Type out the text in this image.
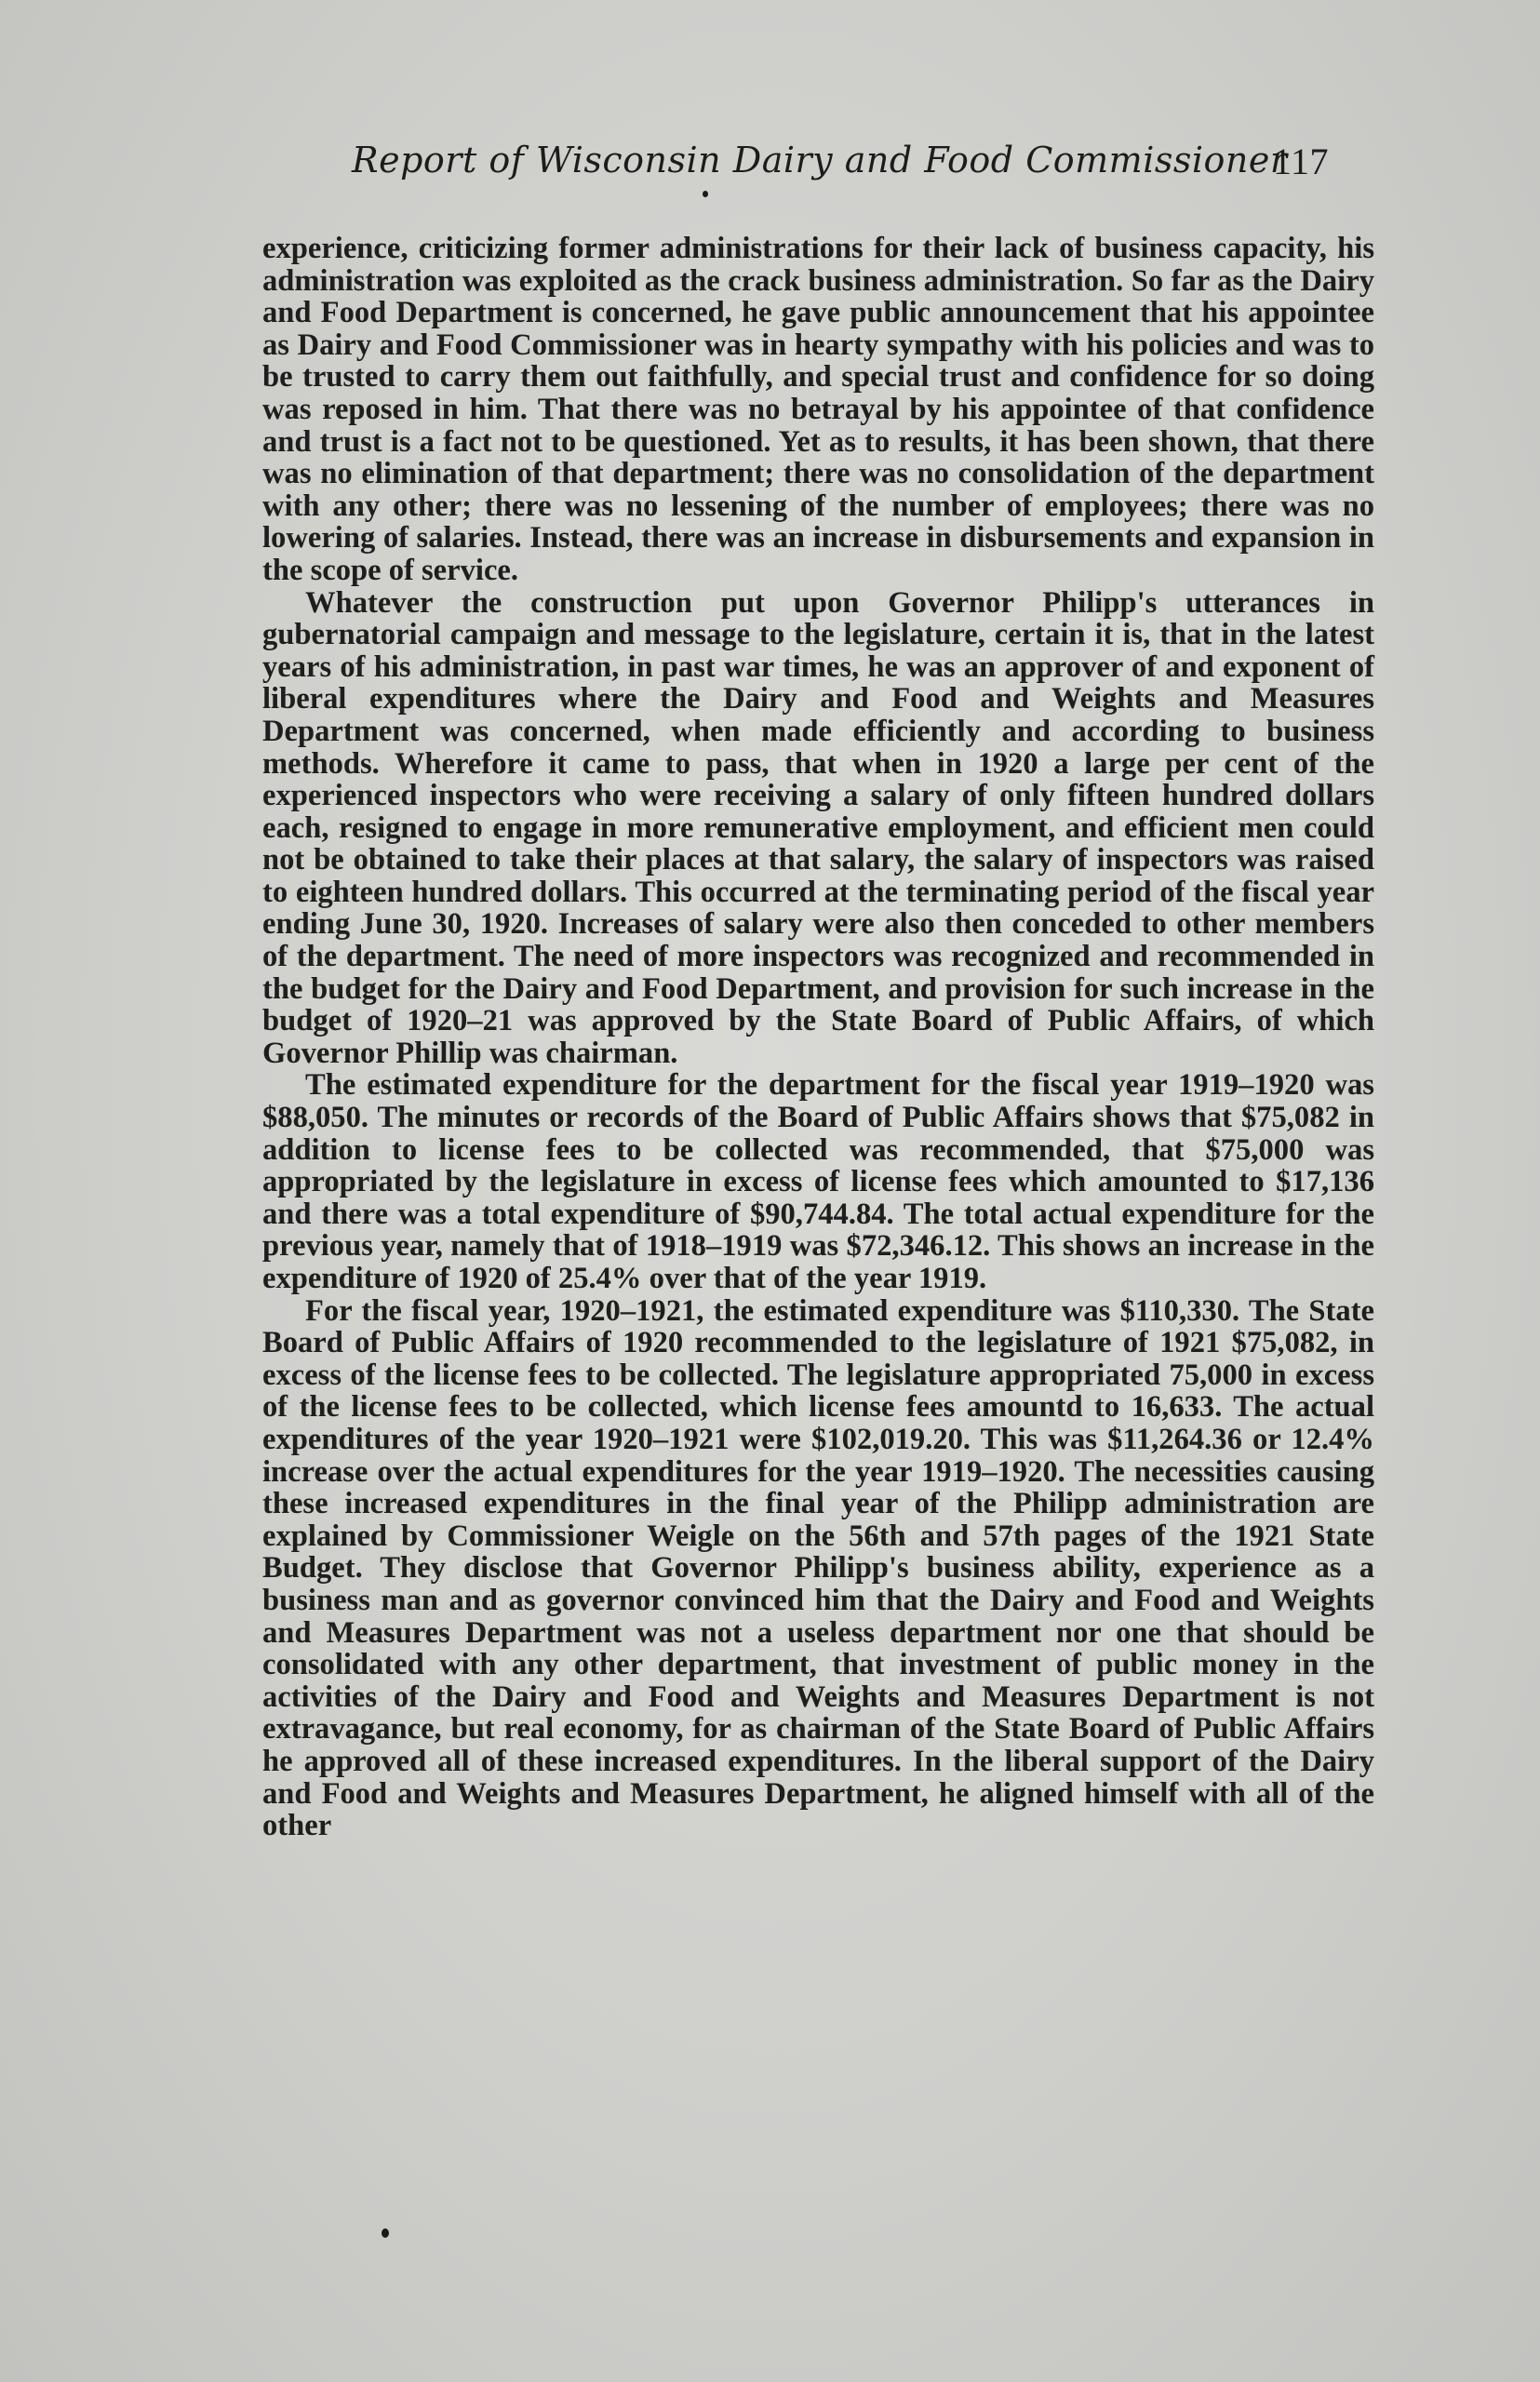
Report of Wisconsin Dairy and Food Commissioner
117

experience, criticizing former administrations for their lack of business capacity, his administration was exploited as the crack business administration. So far as the Dairy and Food Department is concerned, he gave public announcement that his appointee as Dairy and Food Commissioner was in hearty sympathy with his policies and was to be trusted to carry them out faithfully, and special trust and confidence for so doing was reposed in him. That there was no betrayal by his appointee of that confidence and trust is a fact not to be questioned. Yet as to results, it has been shown, that there was no elimination of that department; there was no consolidation of the department with any other; there was no lessening of the number of employees; there was no lowering of salaries. Instead, there was an increase in disbursements and expansion in the scope of service.

Whatever the construction put upon Governor Philipp's utterances in gubernatorial campaign and message to the legislature, certain it is, that in the latest years of his administration, in past war times, he was an approver of and exponent of liberal expenditures where the Dairy and Food and Weights and Measures Department was concerned, when made efficiently and according to business methods. Wherefore it came to pass, that when in 1920 a large per cent of the experienced inspectors who were receiving a salary of only fifteen hundred dollars each, resigned to engage in more remunerative employment, and efficient men could not be obtained to take their places at that salary, the salary of inspectors was raised to eighteen hundred dollars. This occurred at the terminating period of the fiscal year ending June 30, 1920. Increases of salary were also then conceded to other members of the department. The need of more inspectors was recognized and recommended in the budget for the Dairy and Food Department, and provision for such increase in the budget of 1920–21 was approved by the State Board of Public Affairs, of which Governor Phillip was chairman.

The estimated expenditure for the department for the fiscal year 1919–1920 was $88,050. The minutes or records of the Board of Public Affairs shows that $75,082 in addition to license fees to be collected was recommended, that $75,000 was appropriated by the legislature in excess of license fees which amounted to $17,136 and there was a total expenditure of $90,744.84. The total actual expenditure for the previous year, namely that of 1918–1919 was $72,346.12. This shows an increase in the expenditure of 1920 of 25.4% over that of the year 1919.

For the fiscal year, 1920–1921, the estimated expenditure was $110,330. The State Board of Public Affairs of 1920 recommended to the legislature of 1921 $75,082, in excess of the license fees to be collected. The legislature appropriated 75,000 in excess of the license fees to be collected, which license fees amountd to 16,633. The actual expenditures of the year 1920–1921 were $102,019.20. This was $11,264.36 or 12.4% increase over the actual expenditures for the year 1919–1920. The necessities causing these increased expenditures in the final year of the Philipp administration are explained by Commissioner Weigle on the 56th and 57th pages of the 1921 State Budget. They disclose that Governor Philipp's business ability, experience as a business man and as governor convinced him that the Dairy and Food and Weights and Measures Department was not a useless department nor one that should be consolidated with any other department, that investment of public money in the activities of the Dairy and Food and Weights and Measures Department is not extravagance, but real economy, for as chairman of the State Board of Public Affairs he approved all of these increased expenditures. In the liberal support of the Dairy and Food and Weights and Measures Department, he aligned himself with all of the other
